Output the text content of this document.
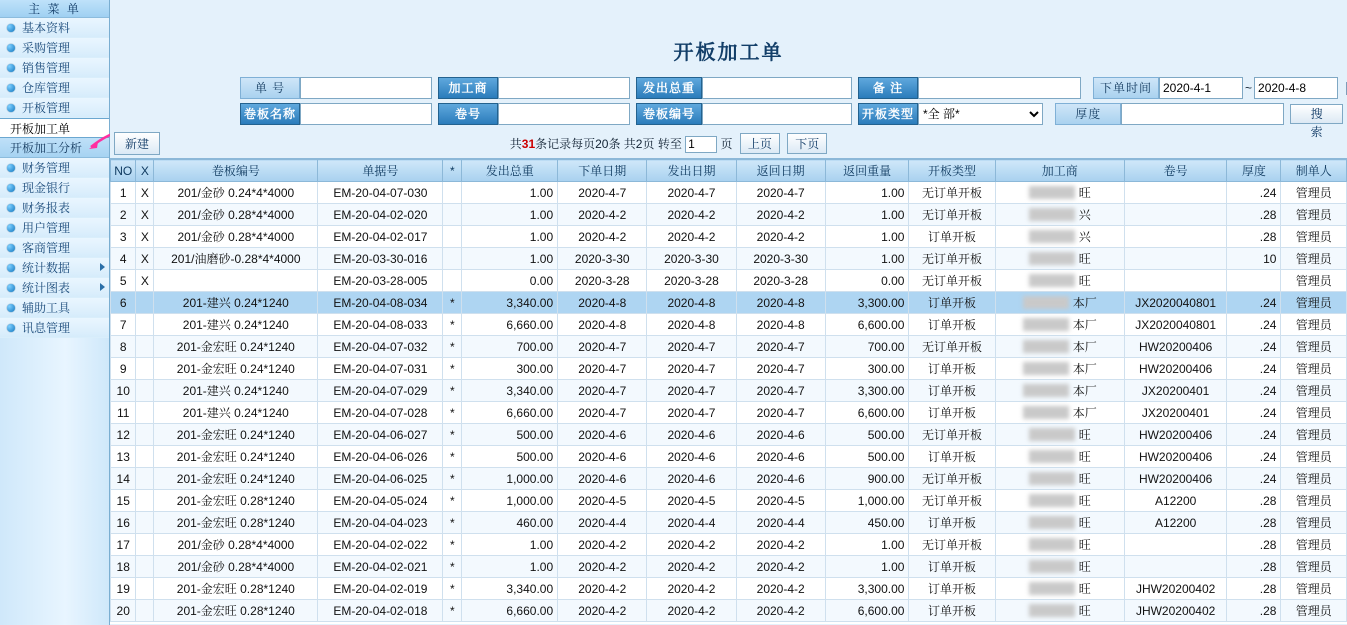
主 菜 单
基本资料
采购管理
销售管理
仓库管理
开板管理
开板加工单
开板加工分析
财务管理
现金银行
财务报表
用户管理
客商管理
统计数据
统计图表
辅助工具
讯息管理
开板加工单
单 号	加工商	发出总重	备 注	下单时间
2020-4-1	~
2020-4-8
卷板名称	卷号	卷板编号	开板类型
*全 部*	厚度	搜索
新建	共31条记录每页20条 共2页 转至 1	页 上页 下页
NO	X	卷板编号	单据号	*	发出总重	下单日期	发出日期	返回日期	返回重量	开板类型	加工商	卷号	厚度	制单人
1	X	201/金砂 0.24*4*4000	EM-20-04-07-030		1.00	2020-4-7	2020-4-7	2020-4-7	1.00	无订单开板	旺		.24	管理员
2	X	201/金砂 0.28*4*4000	EM-20-04-02-020		1.00	2020-4-2	2020-4-2	2020-4-2	1.00	无订单开板	兴		.28	管理员
3	X	201/金砂 0.28*4*4000	EM-20-04-02-017		1.00	2020-4-2	2020-4-2	2020-4-2	1.00	订单开板	兴		.28	管理员
4	X	201/油磨砂-0.28*4*4000	EM-20-03-30-016		1.00	2020-3-30	2020-3-30	2020-3-30	1.00	无订单开板	旺		10	管理员
5	X		EM-20-03-28-005		0.00	2020-3-28	2020-3-28	2020-3-28	0.00	无订单开板	旺			管理员
6		201-建兴 0.24*1240	EM-20-04-08-034	*	3,340.00	2020-4-8	2020-4-8	2020-4-8	3,300.00	订单开板	本厂	JX2020040801	.24	管理员
7		201-建兴 0.24*1240	EM-20-04-08-033	*	6,660.00	2020-4-8	2020-4-8	2020-4-8	6,600.00	订单开板	本厂	JX2020040801	.24	管理员
8		201-金宏旺 0.24*1240	EM-20-04-07-032	*	700.00	2020-4-7	2020-4-7	2020-4-7	700.00	无订单开板	本厂	HW20200406	.24	管理员
9		201-金宏旺 0.24*1240	EM-20-04-07-031	*	300.00	2020-4-7	2020-4-7	2020-4-7	300.00	订单开板	本厂	HW20200406	.24	管理员
10		201-建兴 0.24*1240	EM-20-04-07-029	*	3,340.00	2020-4-7	2020-4-7	2020-4-7	3,300.00	订单开板	本厂	JX20200401	.24	管理员
11		201-建兴 0.24*1240	EM-20-04-07-028	*	6,660.00	2020-4-7	2020-4-7	2020-4-7	6,600.00	订单开板	本厂	JX20200401	.24	管理员
12		201-金宏旺 0.24*1240	EM-20-04-06-027	*	500.00	2020-4-6	2020-4-6	2020-4-6	500.00	无订单开板	旺	HW20200406	.24	管理员
13		201-金宏旺 0.24*1240	EM-20-04-06-026	*	500.00	2020-4-6	2020-4-6	2020-4-6	500.00	订单开板	旺	HW20200406	.24	管理员
14		201-金宏旺 0.24*1240	EM-20-04-06-025	*	1,000.00	2020-4-6	2020-4-6	2020-4-6	900.00	无订单开板	旺	HW20200406	.24	管理员
15		201-金宏旺 0.28*1240	EM-20-04-05-024	*	1,000.00	2020-4-5	2020-4-5	2020-4-5	1,000.00	无订单开板	旺	A12200	.28	管理员
16		201-金宏旺 0.28*1240	EM-20-04-04-023	*	460.00	2020-4-4	2020-4-4	2020-4-4	450.00	订单开板	旺	A12200	.28	管理员
17		201/金砂 0.28*4*4000	EM-20-04-02-022	*	1.00	2020-4-2	2020-4-2	2020-4-2	1.00	无订单开板	旺		.28	管理员
18		201/金砂 0.28*4*4000	EM-20-04-02-021	*	1.00	2020-4-2	2020-4-2	2020-4-2	1.00	订单开板	旺		.28	管理员
19		201-金宏旺 0.28*1240	EM-20-04-02-019	*	3,340.00	2020-4-2	2020-4-2	2020-4-2	3,300.00	订单开板	旺	JHW20200402	.28	管理员
20		201-金宏旺 0.28*1240	EM-20-04-02-018	*	6,660.00	2020-4-2	2020-4-2	2020-4-2	6,600.00	订单开板	旺	JHW20200402	.28	管理员
